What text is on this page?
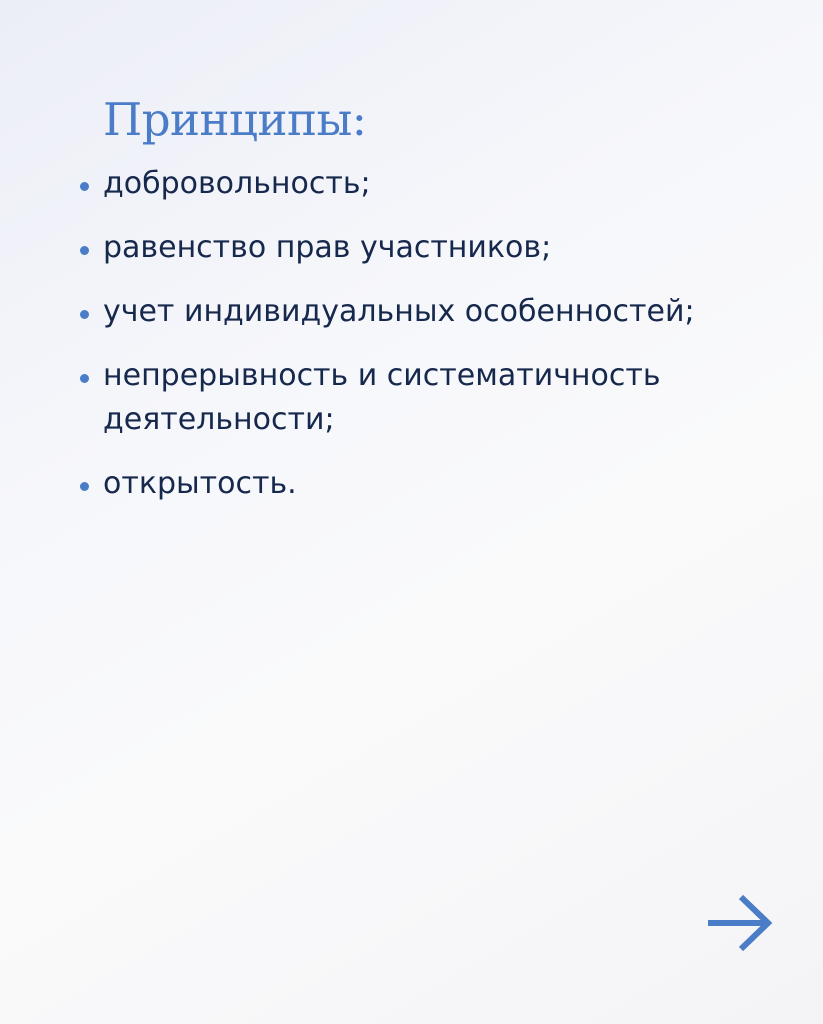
Принципы:
добровольность;
равенство прав участников;
учет индивидуальных особенностей;
непрерывность и систематичность деятельности;
открытость.
